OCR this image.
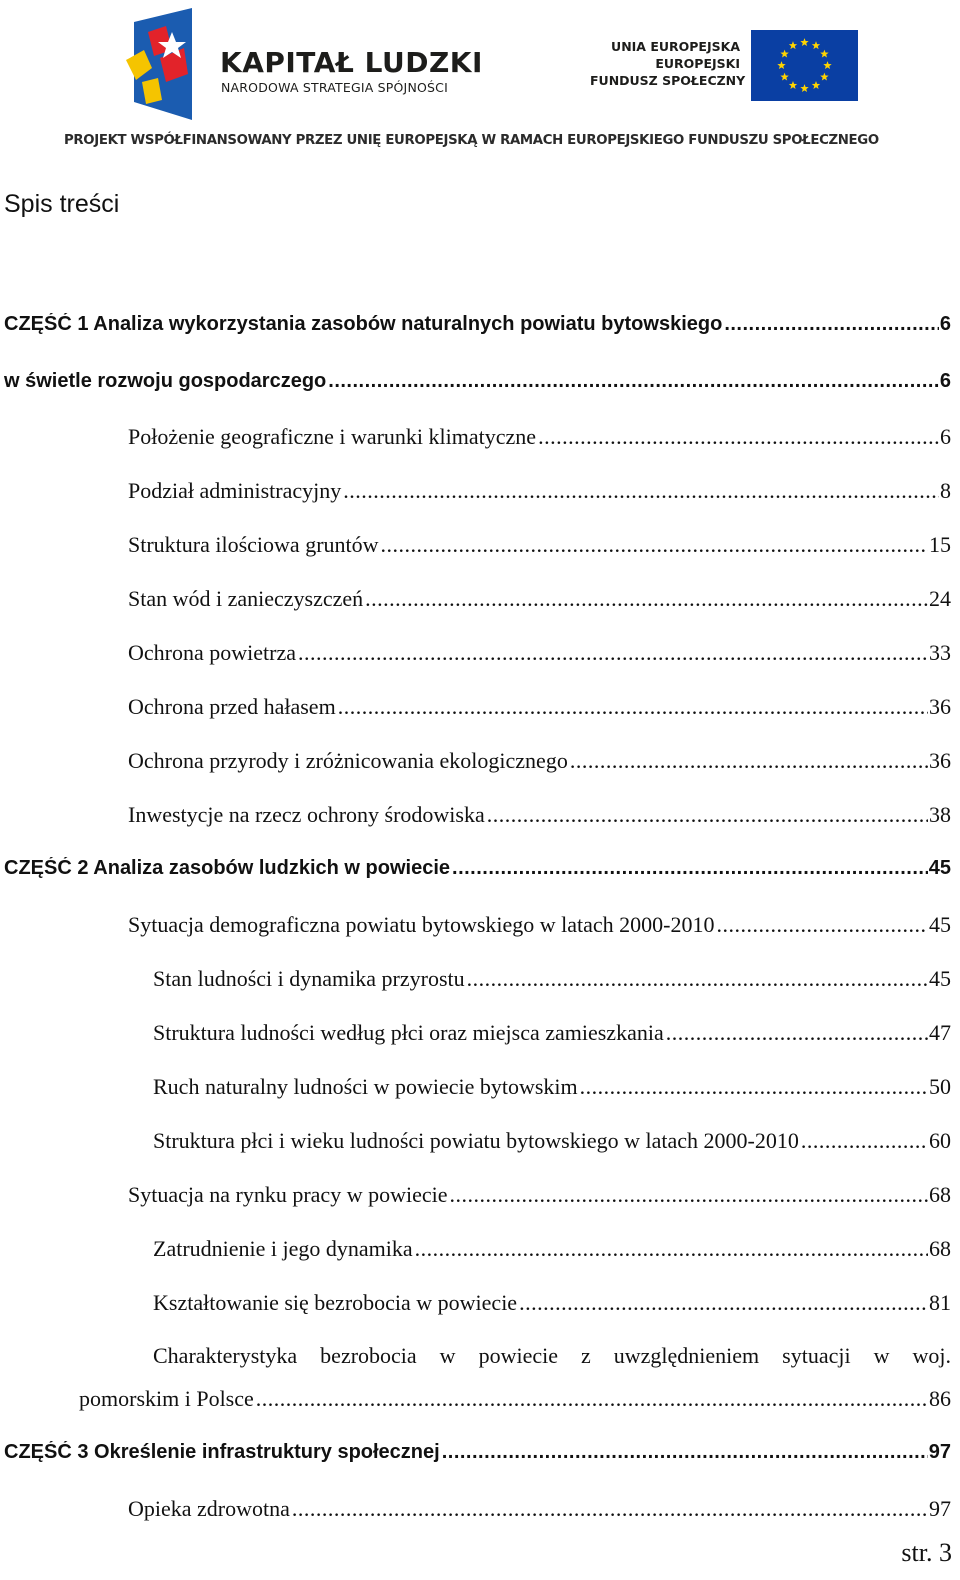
KAPITAŁ LUDZKI
NARODOWA STRATEGIA SPÓJNOŚCI
UNIA EUROPEJSKA
EUROPEJSKI
FUNDUSZ SPOŁECZNY
PROJEKT WSPÓŁFINANSOWANY PRZEZ UNIĘ EUROPEJSKĄ W RAMACH EUROPEJSKIEGO FUNDUSZU SPOŁECZNEGO
Spis treści
CZĘŚĆ 1 Analiza wykorzystania zasobów naturalnych powiatu bytowskiego .....	6
w świetle rozwoju gospodarczego .....	6
Położenie geograficzne i warunki klimatyczne .....	6
Podział administracyjny .....	8
Struktura ilościowa gruntów .....	15
Stan wód i zanieczyszczeń .....	24
Ochrona powietrza .....	33
Ochrona przed hałasem .....	36
Ochrona przyrody i zróżnicowania ekologicznego .....	36
Inwestycje na rzecz ochrony środowiska .....	38
CZĘŚĆ 2 Analiza zasobów ludzkich w powiecie .....	45
Sytuacja demograficzna powiatu bytowskiego w latach 2000-2010 .....	45
Stan ludności i dynamika przyrostu .....	45
Struktura ludności według płci oraz miejsca zamieszkania .....	47
Ruch naturalny ludności w powiecie bytowskim .....	50
Struktura płci i wieku ludności powiatu bytowskiego w latach 2000-2010 .....	60
Sytuacja na rynku pracy w powiecie .....	68
Zatrudnienie i jego dynamika .....	68
Kształtowanie się bezrobocia w powiecie .....	81
Charakterystyka bezrobocia w powiecie z uwzględnieniem sytuacji w woj.
pomorskim i Polsce .....	86
CZĘŚĆ 3 Określenie infrastruktury społecznej .....	97
Opieka zdrowotna .....	97
str. 3
